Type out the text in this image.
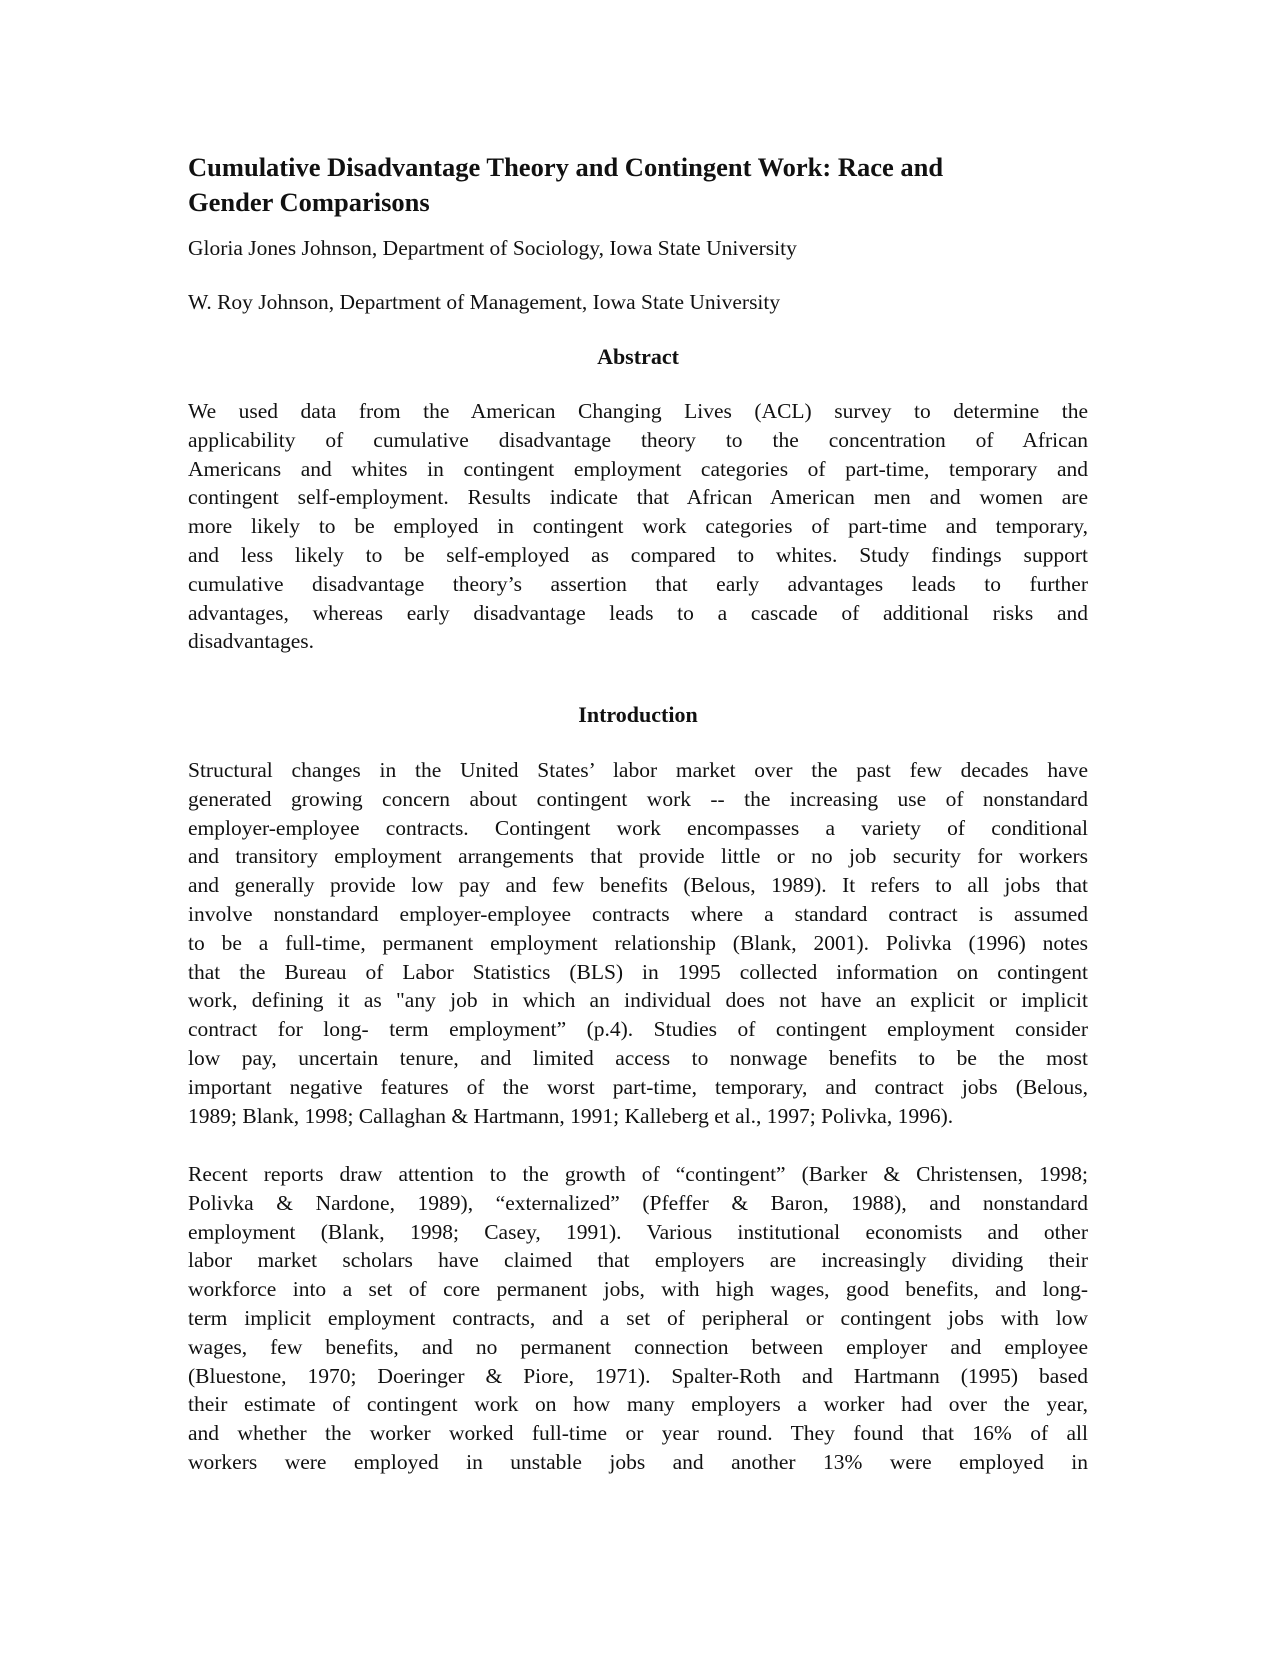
Cumulative Disadvantage Theory and Contingent Work: Race and
Gender Comparisons

Gloria Jones Johnson, Department of Sociology, Iowa State University

W. Roy Johnson, Department of Management, Iowa State University

Abstract
We used data from the American Changing Lives (ACL) survey to determine the
applicability of cumulative disadvantage theory to the concentration of African
Americans and whites in contingent employment categories of part-time, temporary and
contingent self-employment. Results indicate that African American men and women are
more likely to be employed in contingent work categories of part-time and temporary,
and less likely to be self-employed as compared to whites. Study findings support
cumulative disadvantage theory’s assertion that early advantages leads to further
advantages, whereas early disadvantage leads to a cascade of additional risks and
disadvantages.
Introduction
Structural changes in the United States’ labor market over the past few decades have
generated growing concern about contingent work -- the increasing use of nonstandard
employer-employee contracts. Contingent work encompasses a variety of conditional
and transitory employment arrangements that provide little or no job security for workers
and generally provide low pay and few benefits (Belous, 1989). It refers to all jobs that
involve nonstandard employer-employee contracts where a standard contract is assumed
to be a full-time, permanent employment relationship (Blank, 2001). Polivka (1996) notes
that the Bureau of Labor Statistics (BLS) in 1995 collected information on contingent
work, defining it as "any job in which an individual does not have an explicit or implicit
contract for long- term employment” (p.4). Studies of contingent employment consider
low pay, uncertain tenure, and limited access to nonwage benefits to be the most
important negative features of the worst part-time, temporary, and contract jobs (Belous,
1989; Blank, 1998; Callaghan & Hartmann, 1991; Kalleberg et al., 1997; Polivka, 1996).
Recent reports draw attention to the growth of “contingent” (Barker & Christensen, 1998;
Polivka & Nardone, 1989), “externalized” (Pfeffer & Baron, 1988), and nonstandard
employment (Blank, 1998; Casey, 1991). Various institutional economists and other
labor market scholars have claimed that employers are increasingly dividing their
workforce into a set of core permanent jobs, with high wages, good benefits, and long-
term implicit employment contracts, and a set of peripheral or contingent jobs with low
wages, few benefits, and no permanent connection between employer and employee
(Bluestone, 1970; Doeringer & Piore, 1971). Spalter-Roth and Hartmann (1995) based
their estimate of contingent work on how many employers a worker had over the year,
and whether the worker worked full-time or year round. They found that 16% of all
workers were employed in unstable jobs and another 13% were employed in
